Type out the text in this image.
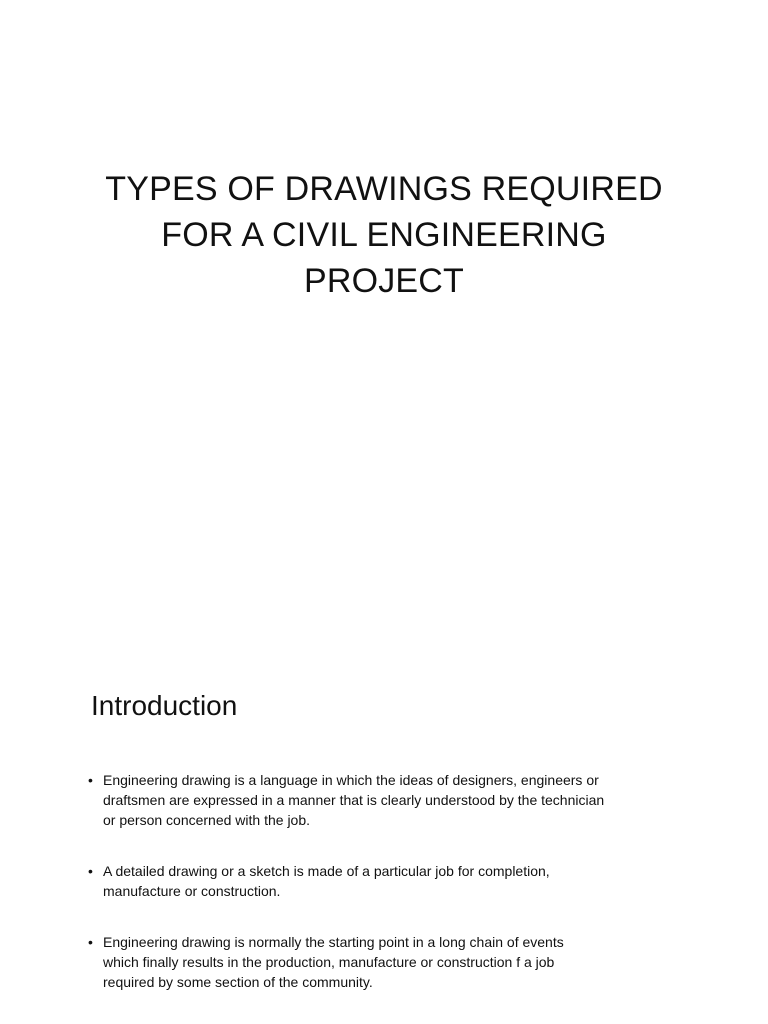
TYPES OF DRAWINGS REQUIRED
FOR A CIVIL ENGINEERING
PROJECT
Introduction
• Engineering drawing is a language in which the ideas of designers, engineers or
draftsmen are expressed in a manner that is clearly understood by the technician
or person concerned with the job.
• A detailed drawing or a sketch is made of a particular job for completion,
manufacture or construction.
• Engineering drawing is normally the starting point in a long chain of events
which finally results in the production, manufacture or construction f a job
required by some section of the community.
